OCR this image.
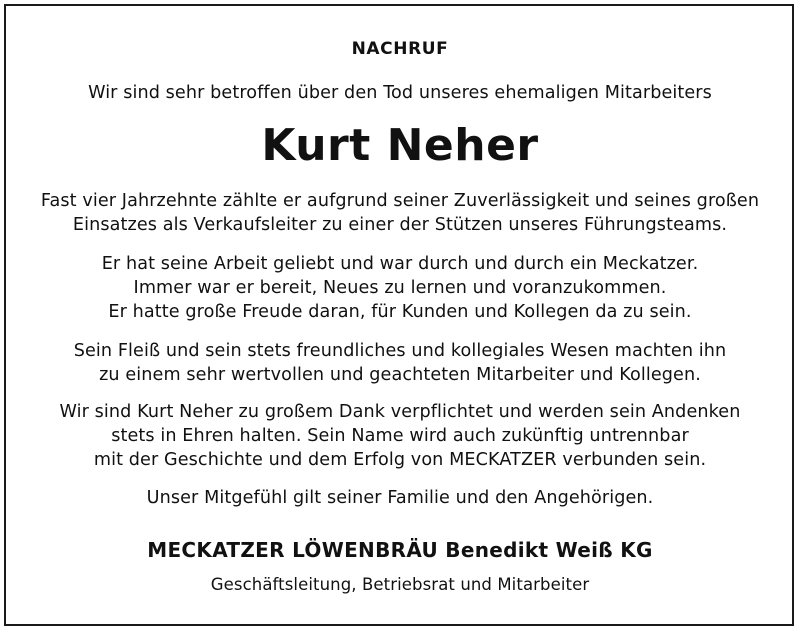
NACHRUF
Wir sind sehr betroffen über den Tod unseres ehemaligen Mitarbeiters
Kurt Neher
Fast vier Jahrzehnte zählte er aufgrund seiner Zuverlässigkeit und seines großen
Einsatzes als Verkaufsleiter zu einer der Stützen unseres Führungsteams.
Er hat seine Arbeit geliebt und war durch und durch ein Meckatzer.
Immer war er bereit, Neues zu lernen und voranzukommen.
Er hatte große Freude daran, für Kunden und Kollegen da zu sein.
Sein Fleiß und sein stets freundliches und kollegiales Wesen machten ihn
zu einem sehr wertvollen und geachteten Mitarbeiter und Kollegen.
Wir sind Kurt Neher zu großem Dank verpflichtet und werden sein Andenken
stets in Ehren halten. Sein Name wird auch zukünftig untrennbar
mit der Geschichte und dem Erfolg von MECKATZER verbunden sein.
Unser Mitgefühl gilt seiner Familie und den Angehörigen.
MECKATZER LÖWENBRÄU Benedikt Weiß KG
Geschäftsleitung, Betriebsrat und Mitarbeiter
